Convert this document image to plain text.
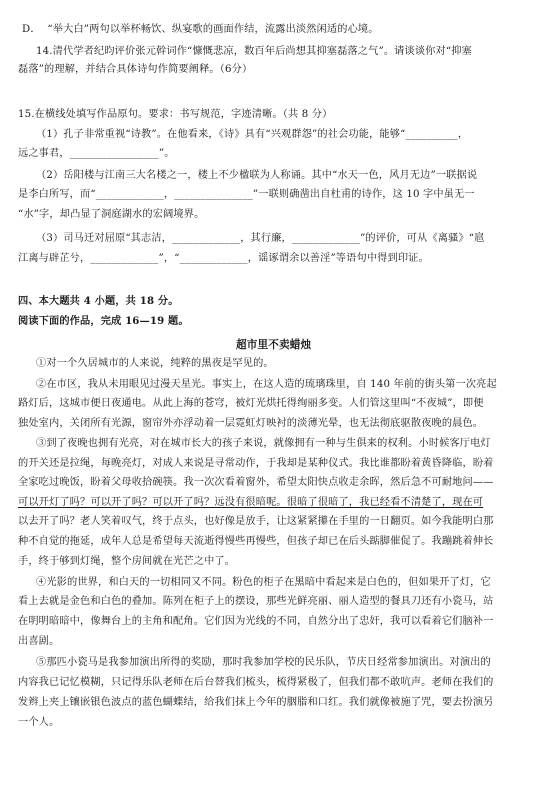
D．  “举大白”两句以举杯畅饮、纵宴歌的画面作结，流露出淡然闲适的心境。
14.清代学者纪昀评价张元幹词作“慷慨悲凉，数百年后尚想其抑塞磊落之气”。请谈谈你对“抑塞
磊落”的理解，并结合具体诗句作简要阐释。（6分）
15.在横线处填写作品原句。要求：书写规范，字迹清晰。（共 8 分）
（1）孔子非常重视“诗教”。在他看来，《诗》具有“兴观群怨”的社会功能，能够“__________，
远之事君，_________________”。
（2）岳阳楼与江南三大名楼之一，楼上不少楹联为人称诵。其中“水天一色，风月无边”一联据说
是李白所写，而“_____________，_______________”一联则确凿出自杜甫的诗作，这 10 字中虽无一
“水”字，却凸显了洞庭湖水的宏阔境界。
（3）司马迁对屈原“其志洁，_____________，其行廉，_____________”的评价，可从《离骚》“扈
江离与辟芷兮，_____________”，“_____________，谣诼谓余以善淫”等语句中得到印证。
四、本大题共 4 小题，共 18 分。
阅读下面的作品，完成 16—19 题。
超市里不卖蜡烛
①对一个久居城市的人来说，纯粹的黑夜是罕见的。
②在市区，我从未用眼见过漫天星光。事实上，在这人造的琉璃珠里，自 140 年前的街头第一次亮起
路灯后，这城市便日夜通电。从此上海的苍穹，被灯光烘托得绚丽多变。人们管这里叫“不夜城”，即便
独处室内，关闭所有光源，窗帘外亦浮动着一层霓虹灯映衬的淡薄光晕，也无法彻底驱散夜晚的晨色。
③到了夜晚也拥有光亮，对在城市长大的孩子来说，就像拥有一种与生俱来的权利。小时候客厅电灯
的开关还是拉绳，每晚亮灯，对成人来说是寻常动作，于我却是某种仪式。我比谁都盼着黄昏降临，盼着
全家吃过晚饭，盼着父母收拾碗筷。我一次次看着窗外，希望太阳快点收走余晖，然后急不可耐地问——
可以开灯了吗？可以开了吗？可以开了吗？远没有很暗呢。很暗了很暗了，我已经看不清楚了，现在可
以去开了吗？老人笑着叹气，终于点头，也好像是放手，让这紧紧攥在手里的一日翻页。如今我能明白那
种不自觉的拖延，成年人总是希望每天流逝得慢些再慢些，但孩子却已在后头踮脚催促了。我蹦跳着伸长
手，终于够到灯绳，整个房间就在光芒之中了。
④光影的世界，和白天的一切相同又不同。粉色的柜子在黑暗中看起来是白色的，但如果开了灯，它
看上去就是金色和白色的叠加。陈列在柜子上的摆设，那些光鲜亮丽、丽人造型的餐具刀还有小瓷马，站
在明明暗暗中，像舞台上的主角和配角。它们因为光线的不同，自然分出了忠奸，我可以看着它们脑补一
出喜剧。
⑤那匹小瓷马是我参加演出所得的奖励，那时我参加学校的民乐队，节庆日经常参加演出。对演出的
内容我已记忆模糊，只记得乐队老师在后台替我们梳头，梳得紧极了，但我们都不敢吭声。老师在我们的
发辫上夹上镶嵌银色波点的蓝色蝴蝶结，给我们抹上今年的胭脂和口红。我们就像被施了咒，要去扮演另
一个人。
